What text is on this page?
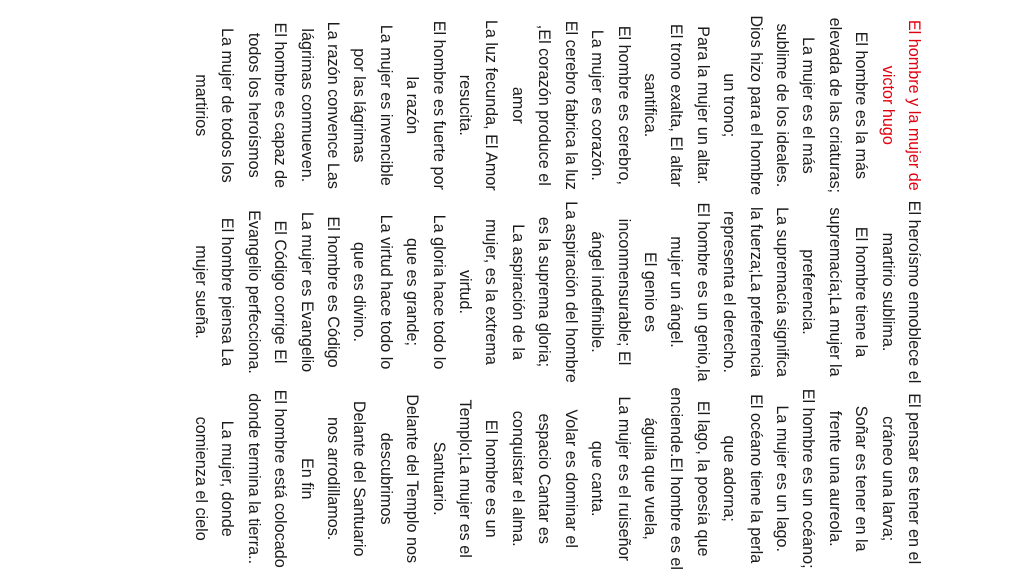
El hombre y la mujer de victor hugo
El hombre es la más elevada de las criaturas;
La mujer es el más sublime de los ideales.
Dios hizo para el hombre un trono;
Para la mujer un altar.
El trono exalta, El altar santifica.
El hombre es cerebro,
La mujer es corazón.
El cerebro fabrica la luz ,El corazón produce el amor
La luz fecunda, El Amor resucita.
El hombre es fuerte por la razón
La mujer es invencible por las lágrimas
La razón convence Las lágrimas conmueven.
El hombre es capaz de todos los heroísmos
La mujer de todos los martirios
El heroísmo ennoblece el martirio sublima.
El hombre tiene la supremacía;La mujer la preferencia.
La supremacía significa la fuerza;La preferencia representa el derecho.
El hombre es un genio,la mujer un ángel.
El genio es inconmensurable; El ángel indefinible.
La aspiración del hombre es la suprema gloria;
La aspiración de la mujer, es la extrema virtud.
La gloria hace todo lo que es grande;
La virtud hace todo lo que es divino.
El hombre es Código
La mujer es Evangelio
El Código corrige El Evangelio perfecciona.
El hombre piensa La mujer sueña.
El pensar es tener en el cráneo una larva;
Soñar es tener en la frente una aureola.
El hombre es un océano; La mujer es un lago.
El océano tiene la perla que adorna;
El lago, la poesía que enciende.El hombre es el águila que vuela,
La mujer es el ruiseñor que canta.
Volar es dominar el espacio Cantar es conquistar el alma.
El hombre es un Templo;La mujer es el Santuario.
Delante del Templo nos descubrimos
Delante del Santuario nos arrodillamos.
En fin
El hombre está colocado donde termina la tierra..
La mujer, donde comienza el cielo
